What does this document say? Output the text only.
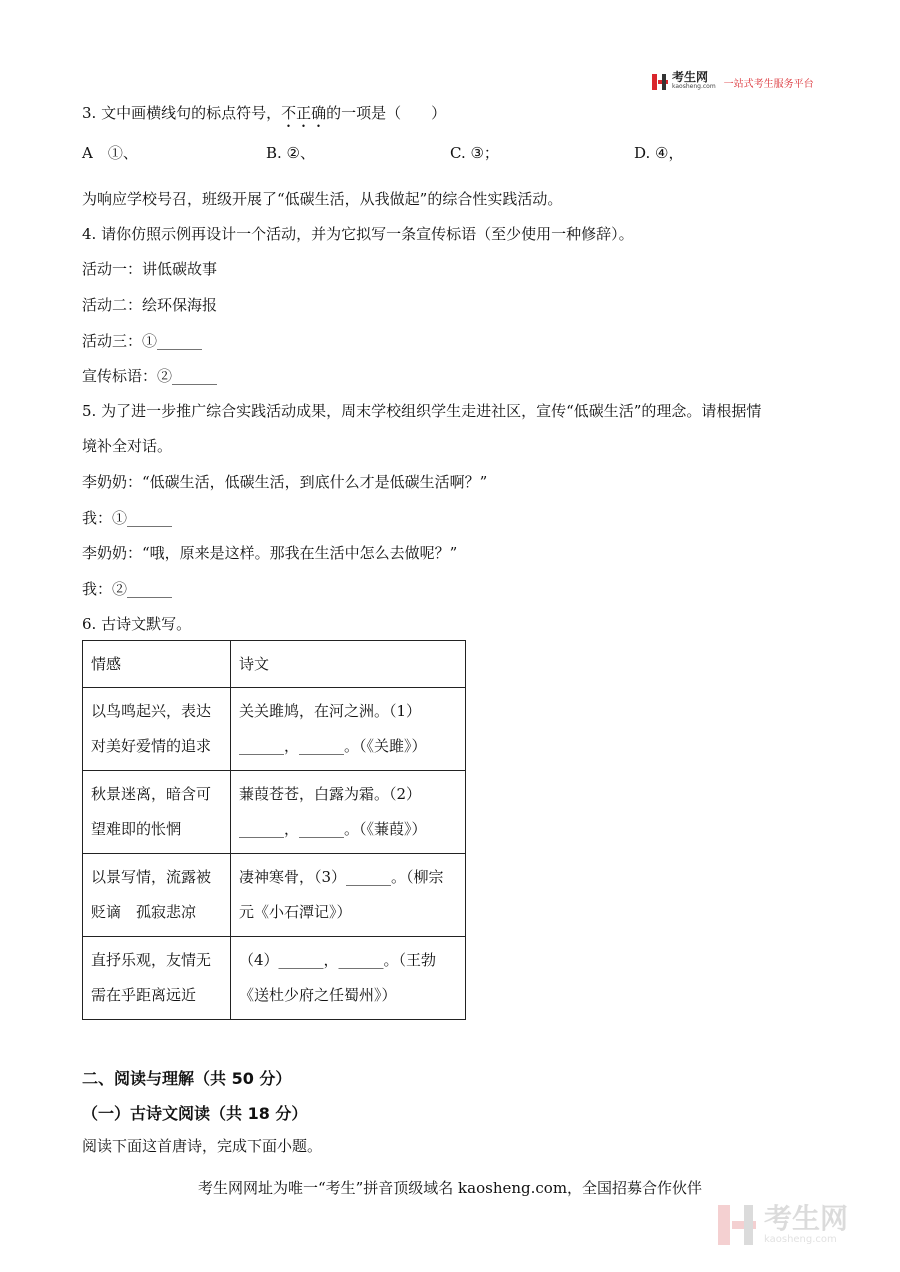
考生网
kaosheng.com 一站式考生服务平台
3. 文中画横线句的标点符号，不正确的一项是（　　）
A　①、	B. ②、	C. ③；	D. ④，
为响应学校号召，班级开展了“低碳生活，从我做起”的综合性实践活动。
4. 请你仿照示例再设计一个活动，并为它拟写一条宣传标语（至少使用一种修辞）。
活动一：讲低碳故事
活动二：绘环保海报
活动三：①______
宣传标语：②______
5. 为了进一步推广综合实践活动成果，周末学校组织学生走进社区，宣传“低碳生活”的理念。请根据情
境补全对话。
李奶奶：“低碳生活，低碳生活，到底什么才是低碳生活啊？”
我：①______
李奶奶：“哦，原来是这样。那我在生活中怎么去做呢？”
我：②______
6. 古诗文默写。
情感	诗文
以鸟鸣起兴，表达
对美好爱情的追求	关关雎鸠，在河之洲。（1）
______，______。（《关雎》）
秋景迷离，暗含可
望难即的怅惘	蒹葭苍苍，白露为霜。（2）
______，______。（《蒹葭》）
以景写情，流露被
贬谪　孤寂悲凉	凄神寒骨，（3）______。（柳宗
元《小石潭记》）
直抒乐观，友情无
需在乎距离远近	（4）______，______。（王勃
《送杜少府之任蜀州》）
二、阅读与理解（共 50 分）
（一）古诗文阅读（共 18 分）
阅读下面这首唐诗，完成下面小题。
考生网网址为唯一“考生”拼音顶级域名 kaosheng.com，全国招募合作伙伴
考生网
kaosheng.com
